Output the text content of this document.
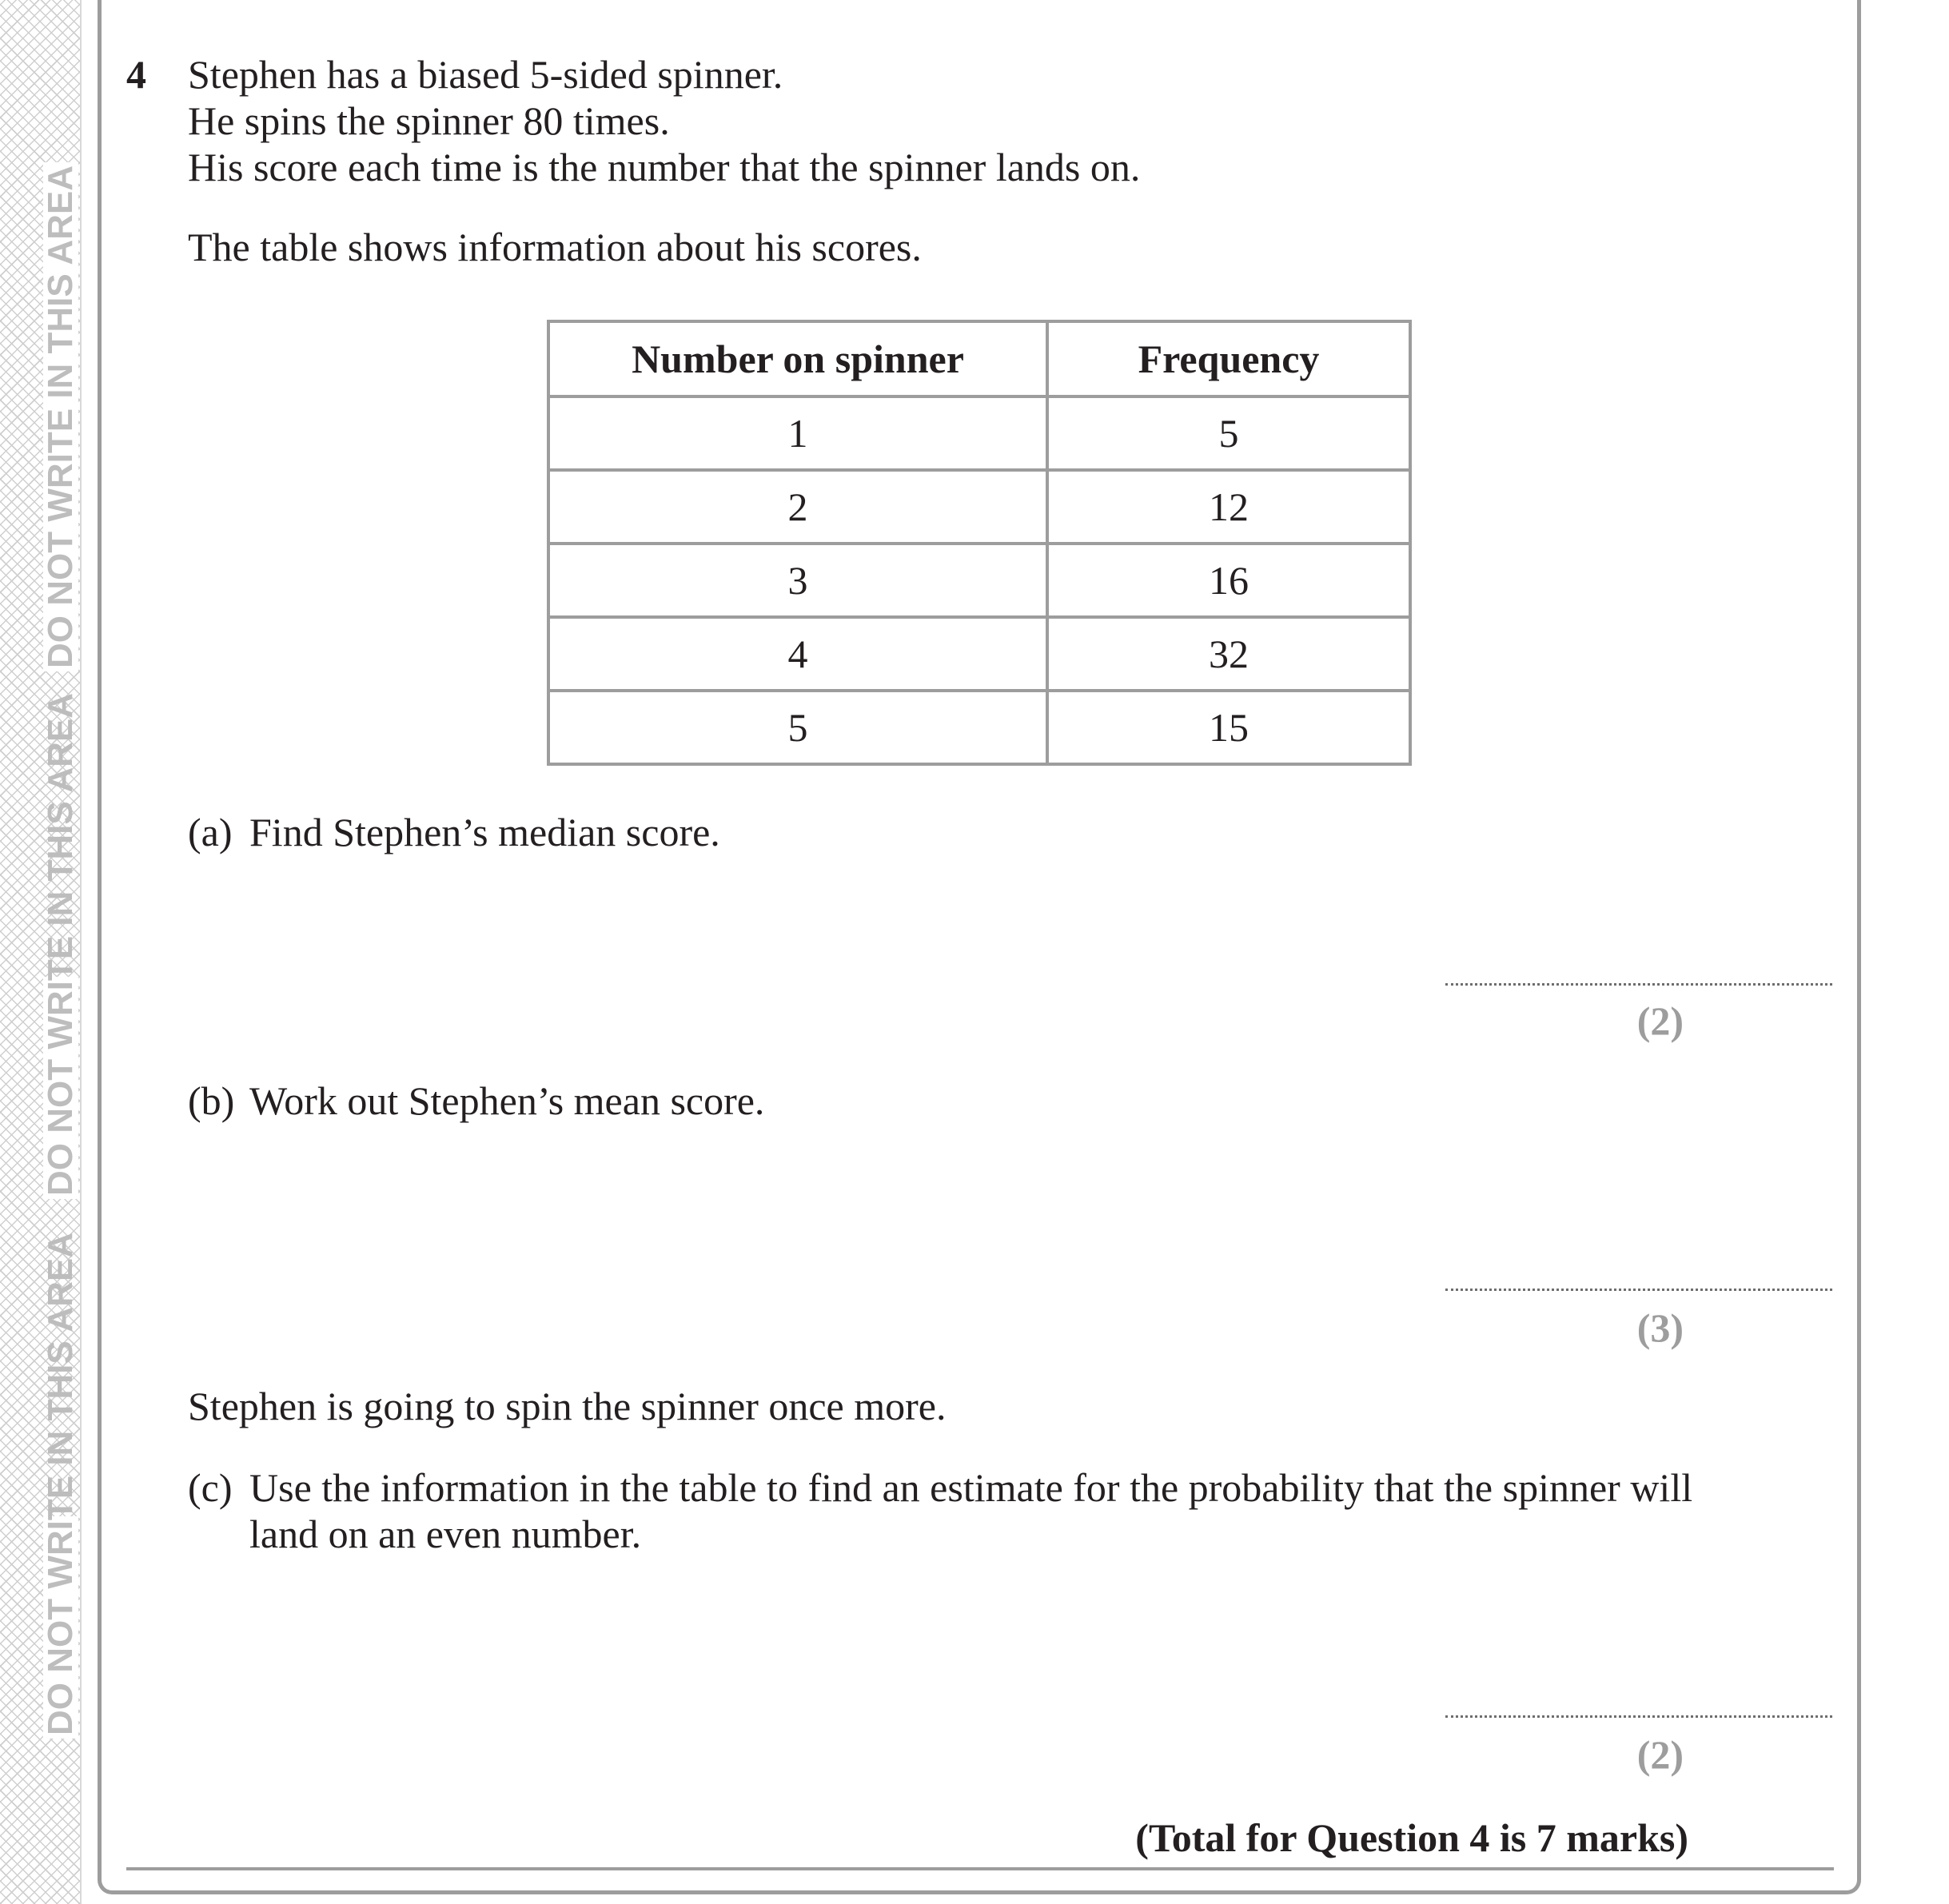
DO NOT WRITE IN THIS AREA
DO NOT WRITE IN THIS AREA
DO NOT WRITE IN THIS AREA
4 Stephen has a biased 5-sided spinner.
He spins the spinner 80 times.
His score each time is the number that the spinner lands on.
The table shows information about his scores.
Number on spinner	Frequency
1	5
2	12
3	16
4	32
5	15
(a) Find Stephen’s median score.
(2)
(b) Work out Stephen’s mean score.
(3)
Stephen is going to spin the spinner once more.
(c) Use the information in the table to find an estimate for the probability that the spinner will
land on an even number.
(2)
(Total for Question 4 is 7 marks)
